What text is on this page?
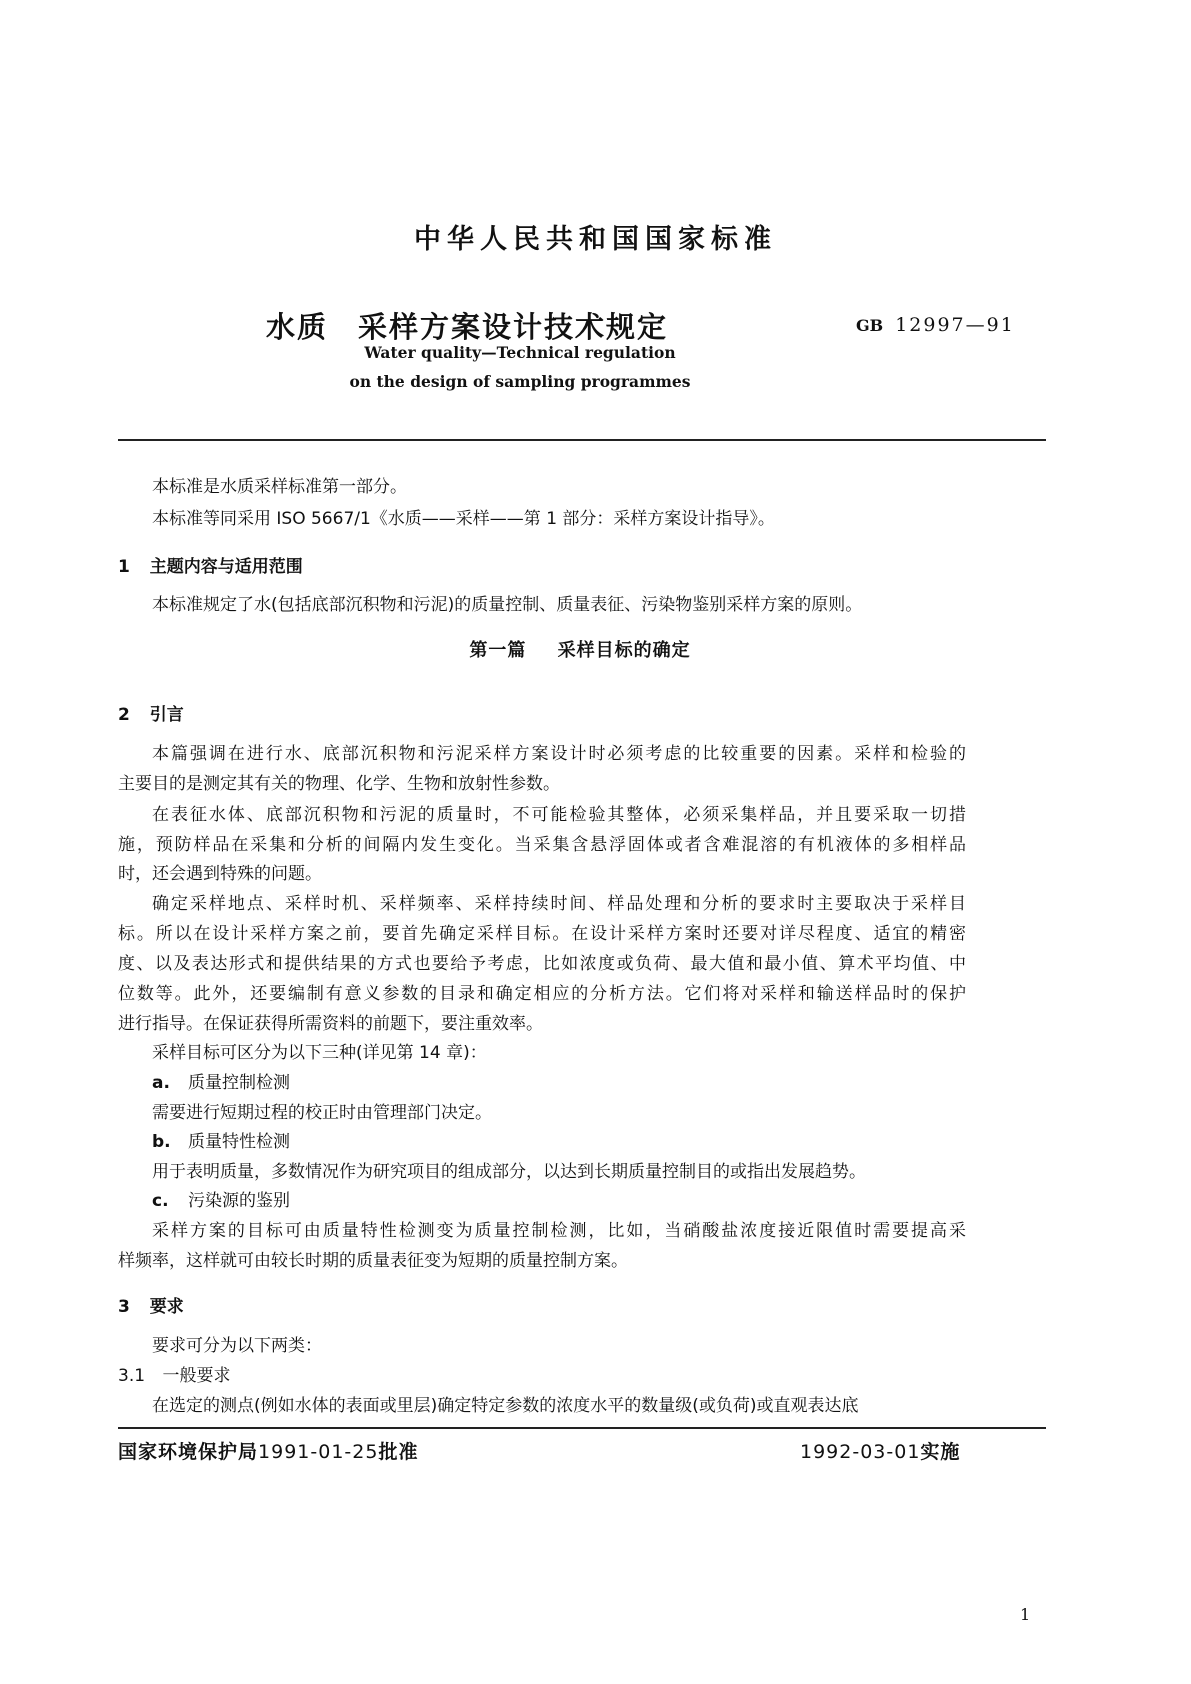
中华人民共和国国家标准
水质 采样方案设计技术规定	GB 12997—91
Water quality—Technical regulation
on the design of sampling programmes
本标准是水质采样标准第一部分。
本标准等同采用 ISO 5667/1《水质——采样——第 1 部分：采样方案设计指导》。
1 主题内容与适用范围
本标准规定了水(包括底部沉积物和污泥)的质量控制、质量表征、污染物鉴别采样方案的原则。
第一篇 采样目标的确定
2 引言
本篇强调在进行水、底部沉积物和污泥采样方案设计时必须考虑的比较重要的因素。采样和检验的
主要目的是测定其有关的物理、化学、生物和放射性参数。
在表征水体、底部沉积物和污泥的质量时，不可能检验其整体，必须采集样品，并且要采取一切措
施，预防样品在采集和分析的间隔内发生变化。当采集含悬浮固体或者含难混溶的有机液体的多相样品
时，还会遇到特殊的问题。
确定采样地点、采样时机、采样频率、采样持续时间、样品处理和分析的要求时主要取决于采样目
标。所以在设计采样方案之前，要首先确定采样目标。在设计采样方案时还要对详尽程度、适宜的精密
度、以及表达形式和提供结果的方式也要给予考虑，比如浓度或负荷、最大值和最小值、算术平均值、中
位数等。此外，还要编制有意义参数的目录和确定相应的分析方法。它们将对采样和输送样品时的保护
进行指导。在保证获得所需资料的前题下，要注重效率。
采样目标可区分为以下三种(详见第 14 章)：
a. 质量控制检测
需要进行短期过程的校正时由管理部门决定。
b. 质量特性检测
用于表明质量，多数情况作为研究项目的组成部分，以达到长期质量控制目的或指出发展趋势。
c. 污染源的鉴别
采样方案的目标可由质量特性检测变为质量控制检测，比如，当硝酸盐浓度接近限值时需要提高采
样频率，这样就可由较长时期的质量表征变为短期的质量控制方案。
3 要求
要求可分为以下两类：
3.1 一般要求
在选定的测点(例如水体的表面或里层)确定特定参数的浓度水平的数量级(或负荷)或直观表达底
国家环境保护局1991-01-25批准	1992-03-01实施
1
